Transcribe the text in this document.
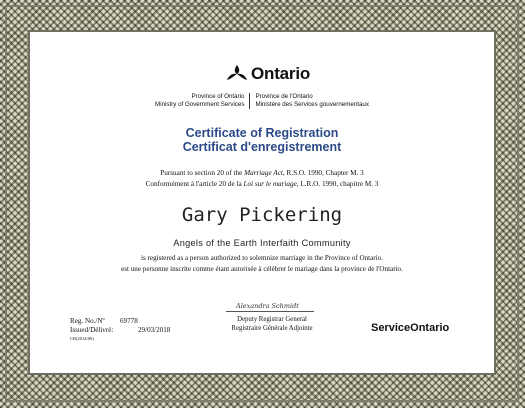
Ontario
Province of Ontario
Ministry of Government Services
Province de l'Ontario
Ministère des Services gouvernementaux
Certificate of Registration
Certificat d'enregistrement
Pursuant to section 20 of the Marriage Act, R.S.O. 1990, Chapter M. 3
Conformément à l'article 20 de la Loi sur le mariage, L.R.O. 1990, chapitre M. 3
Gary Pickering
Angels of the Earth Interfaith Community
is registered as a person authorized to solemnize marriage in the Province of Ontario.
est une personne inscrite comme étant autorisée à célébrer le mariage dans la province de l'Ontario.
Alexandra Schmidt
Deputy Registrar General
Registraire Générale Adjointe
Reg. No./Nº 69778
Issued/Délivré:	29/03/2018
CR(2014/06)
ServiceOntario
